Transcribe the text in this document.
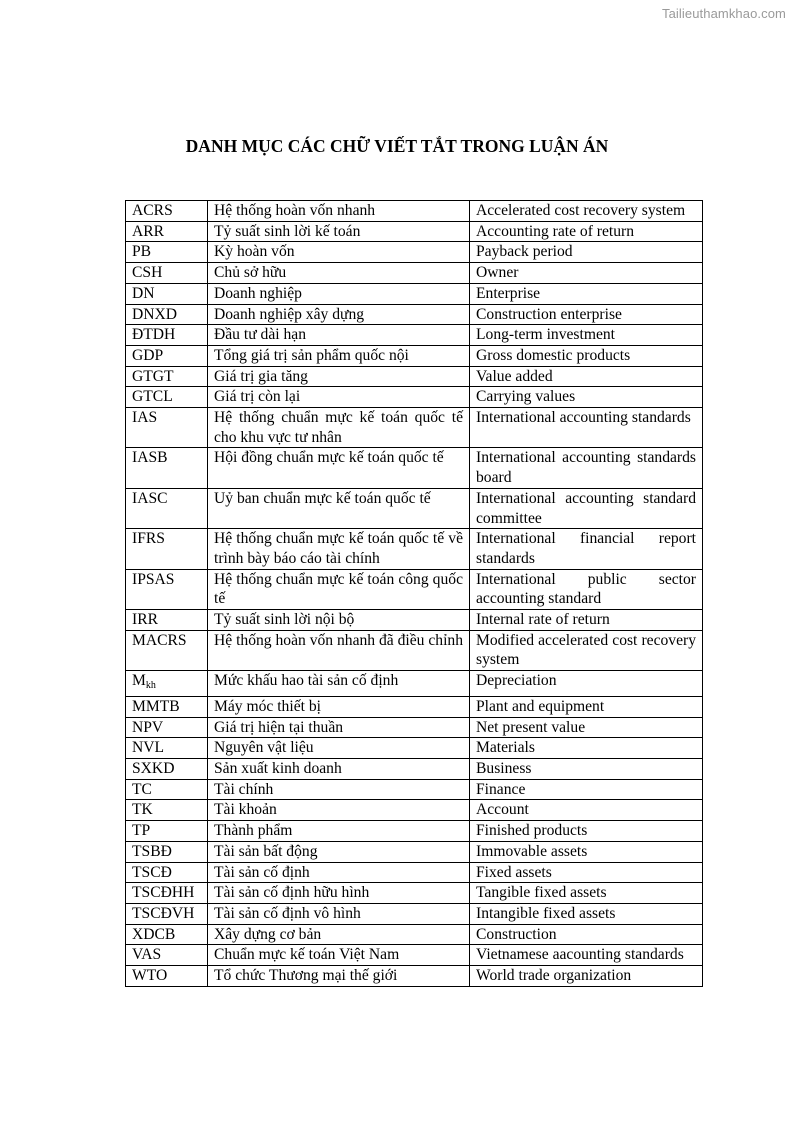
Tailieuthamkhao.com
DANH MỤC CÁC CHỮ VIẾT TẮT TRONG LUẬN ÁN
ACRS	Hệ thống hoàn vốn nhanh	Accelerated cost recovery system
ARR	Tỷ suất sinh lời kế toán	Accounting rate of return
PB	Kỳ hoàn vốn	Payback period
CSH	Chủ sở hữu	Owner
DN	Doanh nghiệp	Enterprise
DNXD	Doanh nghiệp xây dựng	Construction enterprise
ĐTDH	Đầu tư dài hạn	Long-term investment
GDP	Tổng giá trị sản phẩm quốc nội	Gross domestic products
GTGT	Giá trị gia tăng	Value added
GTCL	Giá trị còn lại	Carrying values
IAS	Hệ thống chuẩn mực kế toán quốc tế cho khu vực tư nhân	International accounting standards
IASB	Hội đồng chuẩn mực kế toán quốc tế	International accounting standards board
IASC	Uỷ ban chuẩn mực kế toán quốc tế	International accounting standard committee
IFRS	Hệ thống chuẩn mực kế toán quốc tế về trình bày báo cáo tài chính	International financial report standards
IPSAS	Hệ thống chuẩn mực kế toán công quốc tế	International public sector accounting standard
IRR	Tỷ suất sinh lời nội bộ	Internal rate of return
MACRS	Hệ thống hoàn vốn nhanh đã điều chỉnh	Modified accelerated cost recovery system
$M_{kh}$	Mức khấu hao tài sản cố định	Depreciation
MMTB	Máy móc thiết bị	Plant and equipment
NPV	Giá trị hiện tại thuần	Net present value
NVL	Nguyên vật liệu	Materials
SXKD	Sản xuất kinh doanh	Business
TC	Tài chính	Finance
TK	Tài khoản	Account
TP	Thành phẩm	Finished products
TSBĐ	Tài sản bất động	Immovable assets
TSCĐ	Tài sản cố định	Fixed assets
TSCĐHH	Tài sản cố định hữu hình	Tangible fixed assets
TSCĐVH	Tài sản cố định vô hình	Intangible fixed assets
XDCB	Xây dựng cơ bản	Construction
VAS	Chuẩn mực kế toán Việt Nam	Vietnamese aacounting standards
WTO	Tổ chức Thương mại thế giới	World trade organization
